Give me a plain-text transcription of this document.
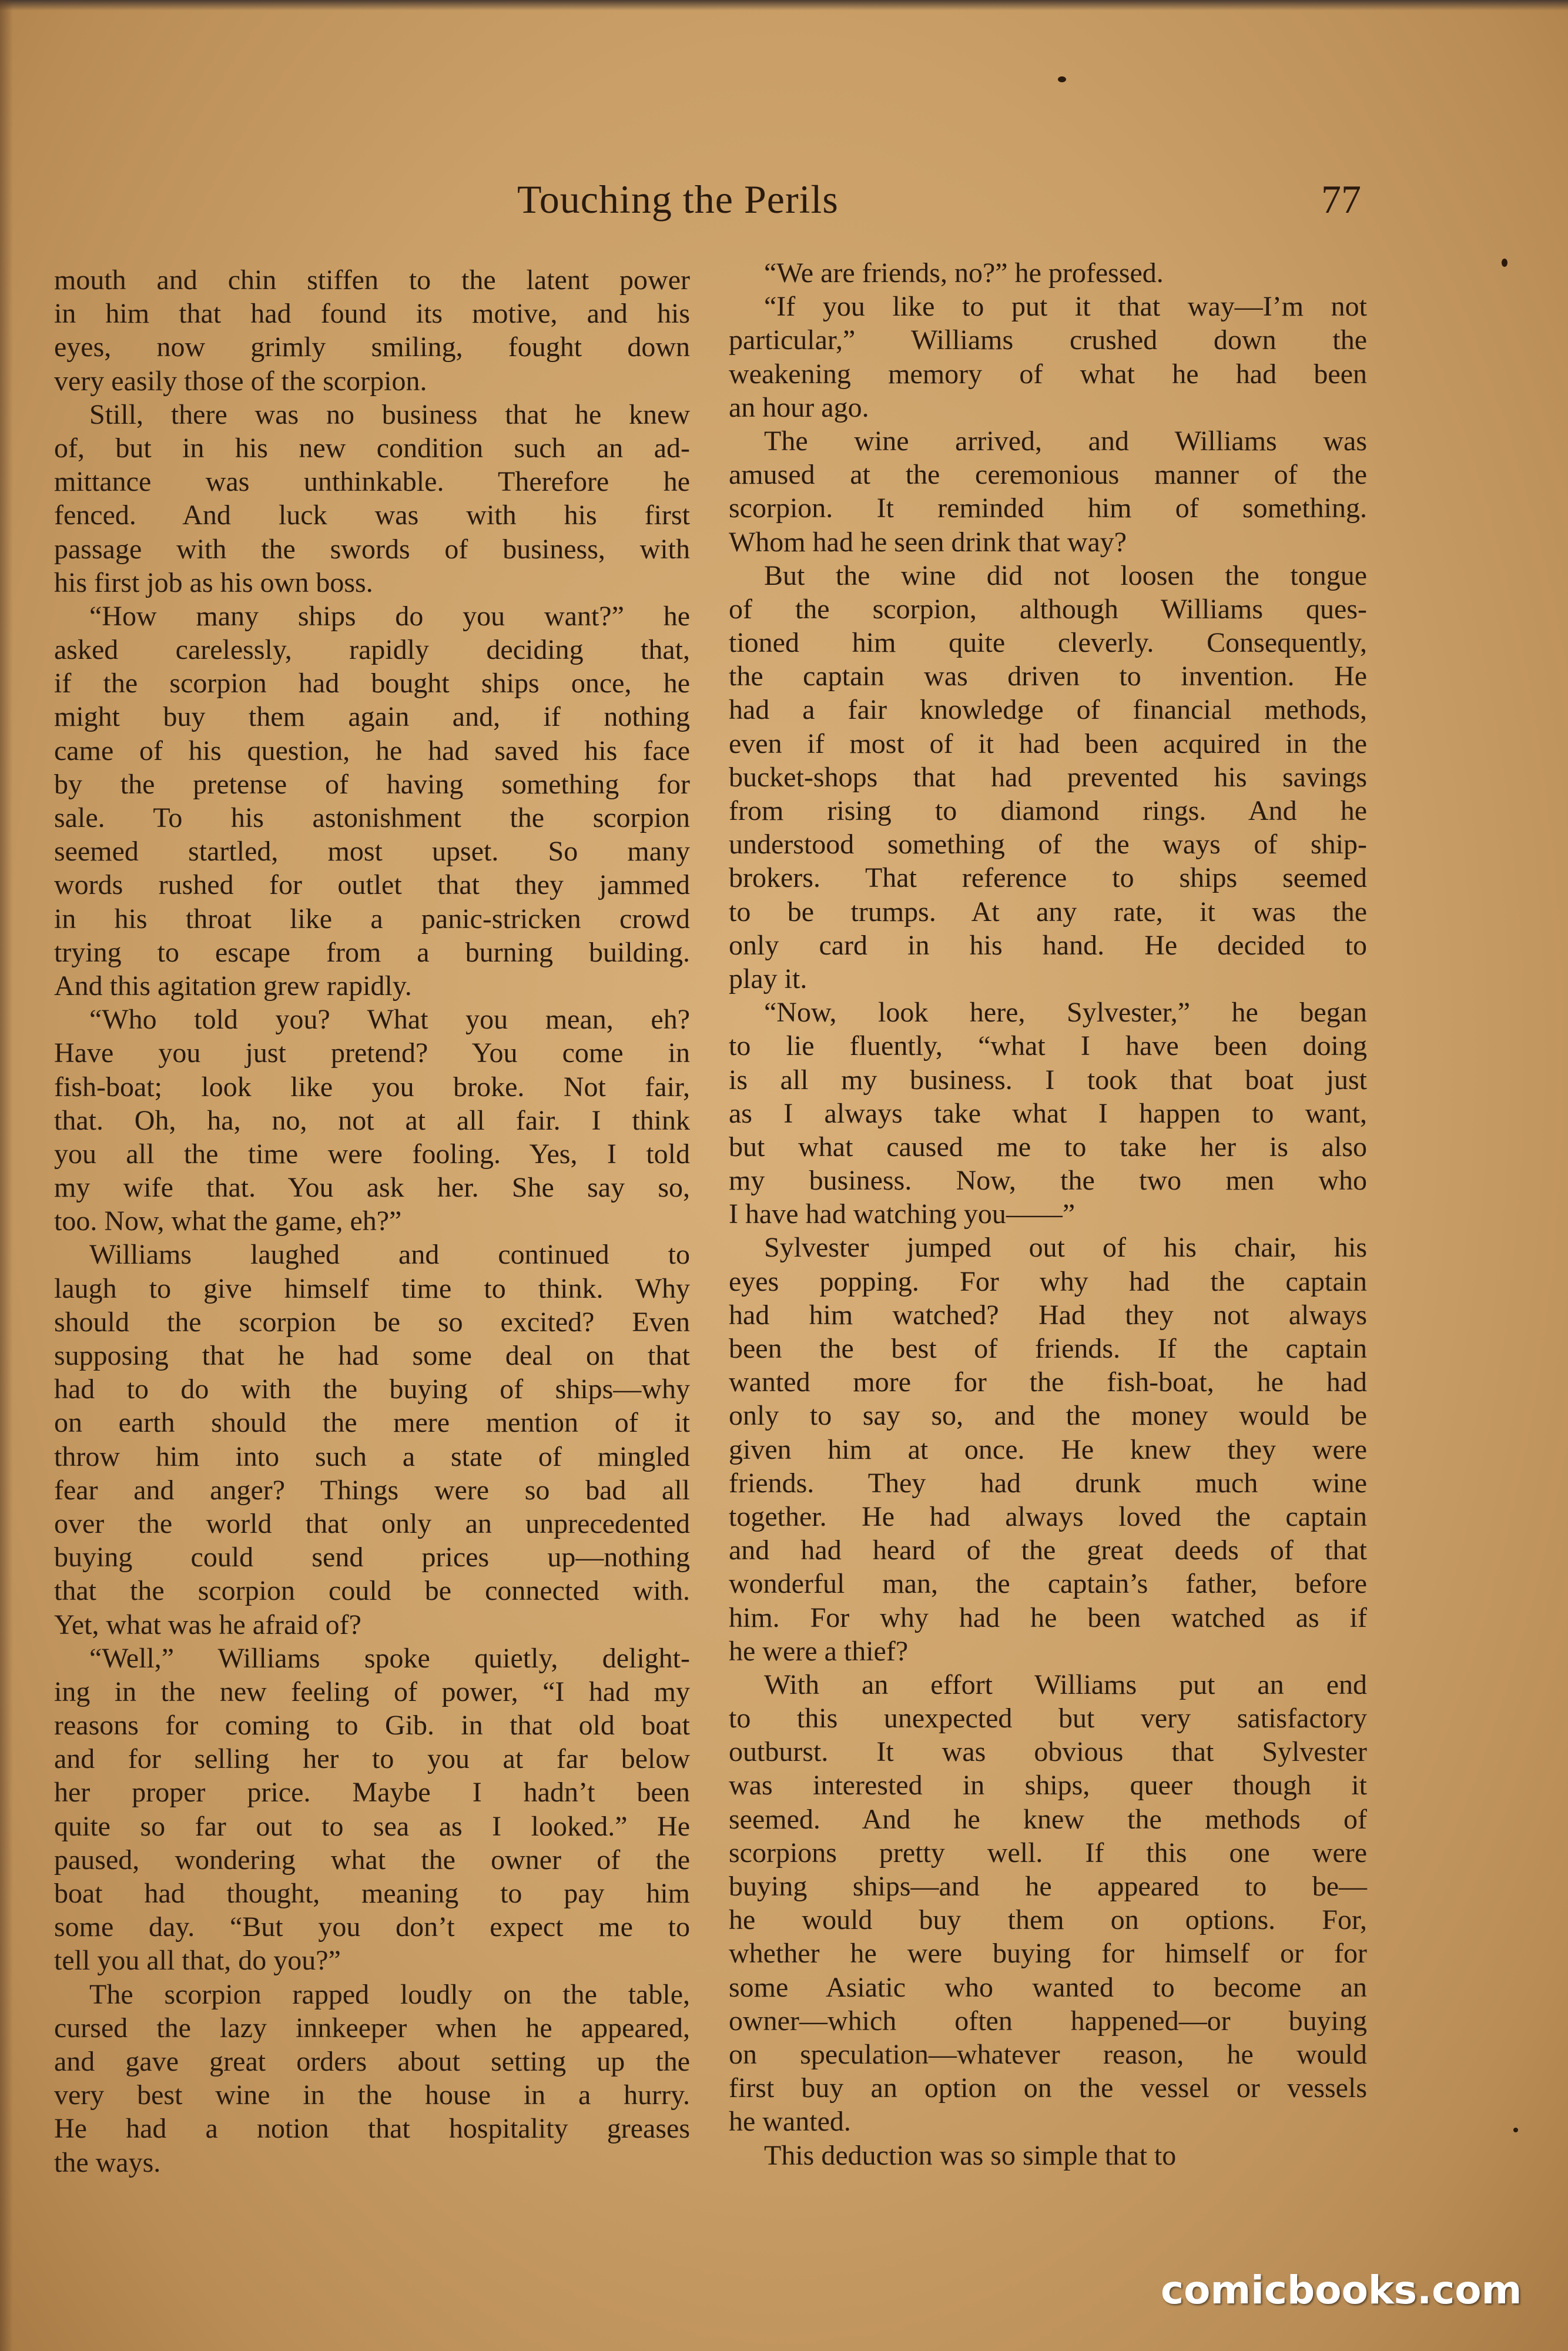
Touching the Perils	77
mouth and chin stiffen to the latent power
in him that had found its motive, and his
eyes, now grimly smiling, fought down
very easily those of the scorpion.
Still, there was no business that he knew
of, but in his new condition such an ad-
mittance was unthinkable. Therefore he
fenced. And luck was with his first
passage with the swords of business, with
his first job as his own boss.
“How many ships do you want?” he
asked carelessly, rapidly deciding that,
if the scorpion had bought ships once, he
might buy them again and, if nothing
came of his question, he had saved his face
by the pretense of having something for
sale. To his astonishment the scorpion
seemed startled, most upset. So many
words rushed for outlet that they jammed
in his throat like a panic-stricken crowd
trying to escape from a burning building.
And this agitation grew rapidly.
“Who told you? What you mean, eh?
Have you just pretend? You come in
fish-boat; look like you broke. Not fair,
that. Oh, ha, no, not at all fair. I think
you all the time were fooling. Yes, I told
my wife that. You ask her. She say so,
too. Now, what the game, eh?”
Williams laughed and continued to
laugh to give himself time to think. Why
should the scorpion be so excited? Even
supposing that he had some deal on that
had to do with the buying of ships—why
on earth should the mere mention of it
throw him into such a state of mingled
fear and anger? Things were so bad all
over the world that only an unprecedented
buying could send prices up—nothing
that the scorpion could be connected with.
Yet, what was he afraid of?
“Well,” Williams spoke quietly, delight-
ing in the new feeling of power, “I had my
reasons for coming to Gib. in that old boat
and for selling her to you at far below
her proper price. Maybe I hadn’t been
quite so far out to sea as I looked.” He
paused, wondering what the owner of the
boat had thought, meaning to pay him
some day. “But you don’t expect me to
tell you all that, do you?”
The scorpion rapped loudly on the table,
cursed the lazy innkeeper when he appeared,
and gave great orders about setting up the
very best wine in the house in a hurry.
He had a notion that hospitality greases
the ways.
“We are friends, no?” he professed.
“If you like to put it that way—I’m not
particular,” Williams crushed down the
weakening memory of what he had been
an hour ago.
The wine arrived, and Williams was
amused at the ceremonious manner of the
scorpion. It reminded him of something.
Whom had he seen drink that way?
But the wine did not loosen the tongue
of the scorpion, although Williams ques-
tioned him quite cleverly. Consequently,
the captain was driven to invention. He
had a fair knowledge of financial methods,
even if most of it had been acquired in the
bucket-shops that had prevented his savings
from rising to diamond rings. And he
understood something of the ways of ship-
brokers. That reference to ships seemed
to be trumps. At any rate, it was the
only card in his hand. He decided to
play it.
“Now, look here, Sylvester,” he began
to lie fluently, “what I have been doing
is all my business. I took that boat just
as I always take what I happen to want,
but what caused me to take her is also
my business. Now, the two men who
I have had watching you——”
Sylvester jumped out of his chair, his
eyes popping. For why had the captain
had him watched? Had they not always
been the best of friends. If the captain
wanted more for the fish-boat, he had
only to say so, and the money would be
given him at once. He knew they were
friends. They had drunk much wine
together. He had always loved the captain
and had heard of the great deeds of that
wonderful man, the captain’s father, before
him. For why had he been watched as if
he were a thief?
With an effort Williams put an end
to this unexpected but very satisfactory
outburst. It was obvious that Sylvester
was interested in ships, queer though it
seemed. And he knew the methods of
scorpions pretty well. If this one were
buying ships—and he appeared to be—
he would buy them on options. For,
whether he were buying for himself or for
some Asiatic who wanted to become an
owner—which often happened—or buying
on speculation—whatever reason, he would
first buy an option on the vessel or vessels
he wanted.
This deduction was so simple that to
comicbooks.com
